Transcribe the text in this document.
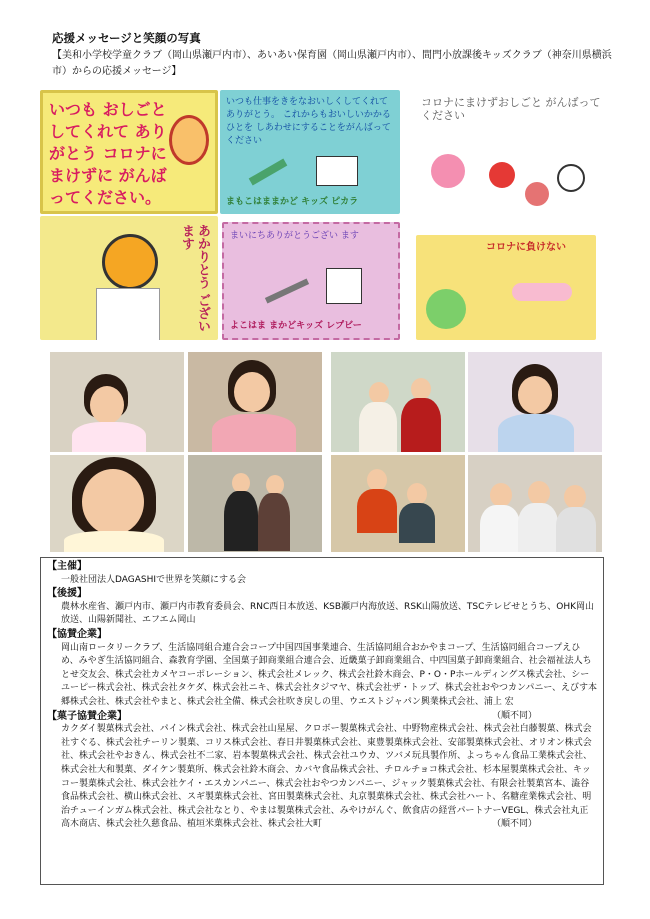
応援メッセージと笑顔の写真
【美和小学校学童クラブ（岡山県瀬戸内市）、あいあい保育園（岡山県瀬戸内市）、間門小放課後キッズクラブ（神奈川県横浜市）からの応援メッセージ】
いつも おしごと してくれて ありがとう コロナに まけずに がんばってください。
いつも仕事をきをなおいしくしてくれて ありがとう。 これからもおいしいかかるひとを しあわせにすることをがんばってください
まもこはままかど キッズ ピカラ
コロナにまけずおしごと がんばってください
あかりとう ございます	まいにちありがとうござい ます
よこはま まかどキッズ レプビー
コロナに負けない
【主催】
一般社団法人DAGASHIで世界を笑顔にする会
【後援】
農林水産省、瀬戸内市、瀬戸内市教育委員会、RNC西日本放送、KSB瀬戸内海放送、RSK山陽放送、TSCテレビせとうち、OHK岡山放送、山陽新聞社、エフエム岡山
【協賛企業】
岡山南ロータリークラブ、生活協同組合連合会コープ中国四国事業連合、生活協同組合おかやまコープ、生活協同組合コープえひめ、みやぎ生活協同組合、森教育学園、全国菓子卸商業組合連合会、近畿菓子卸商業組合、中四国菓子卸商業組合、社会福祉法人ちとせ交友会、株式会社カメヤコーポレーション、株式会社メレック、株式会社鈴木商会、P・O・Pホールディングス株式会社、シーユーピー株式会社、株式会社タケダ、株式会社ニキ、株式会社タジマヤ、株式会社ザ・トップ、株式会社おやつカンパニー、えびす本郷株式会社、株式会社やまと、株式会社全備、株式会社吹き戻しの里、ウエストジャパン興業株式会社、浦上 宏
（順不同）
【菓子協賛企業】
カクダイ製菓株式会社、パイン株式会社、株式会社山星屋、クロボー製菓株式会社、中野物産株式会社、株式会社白藤製菓、株式会社すぐる、株式会社チーリン製菓、コリス株式会社、春日井製菓株式会社、東豊製菓株式会社、安部製菓株式会社、オリオン株式会社、株式会社やおきん、株式会社不二家、岩本製菓株式会社、株式会社ユウカ、ツバメ玩具製作所、よっちゃん食品工業株式会社、株式会社大和製菓、ダイケン製菓所、株式会社鈴木商会、カバヤ食品株式会社、チロルチョコ株式会社、杉本屋製菓株式会社、キッコー製菓株式会社、株式会社ケイ・エスカンパニー、株式会社おやつカンパニー、ジャック製菓株式会社、有限会社製菓宮本、澁谷食品株式会社、横山株式会社、スギ製菓株式会社、宮田製菓株式会社、丸京製菓株式会社、株式会社ハート、名糖産業株式会社、明治チューインガム株式会社、株式会社なとり、やまは製菓株式会社、みやけがんぐ、飲食店の経営パートナーVEGL、株式会社丸正高木商店、株式会社久慈食品、植垣米菓株式会社、株式会社大町	（順不同）
